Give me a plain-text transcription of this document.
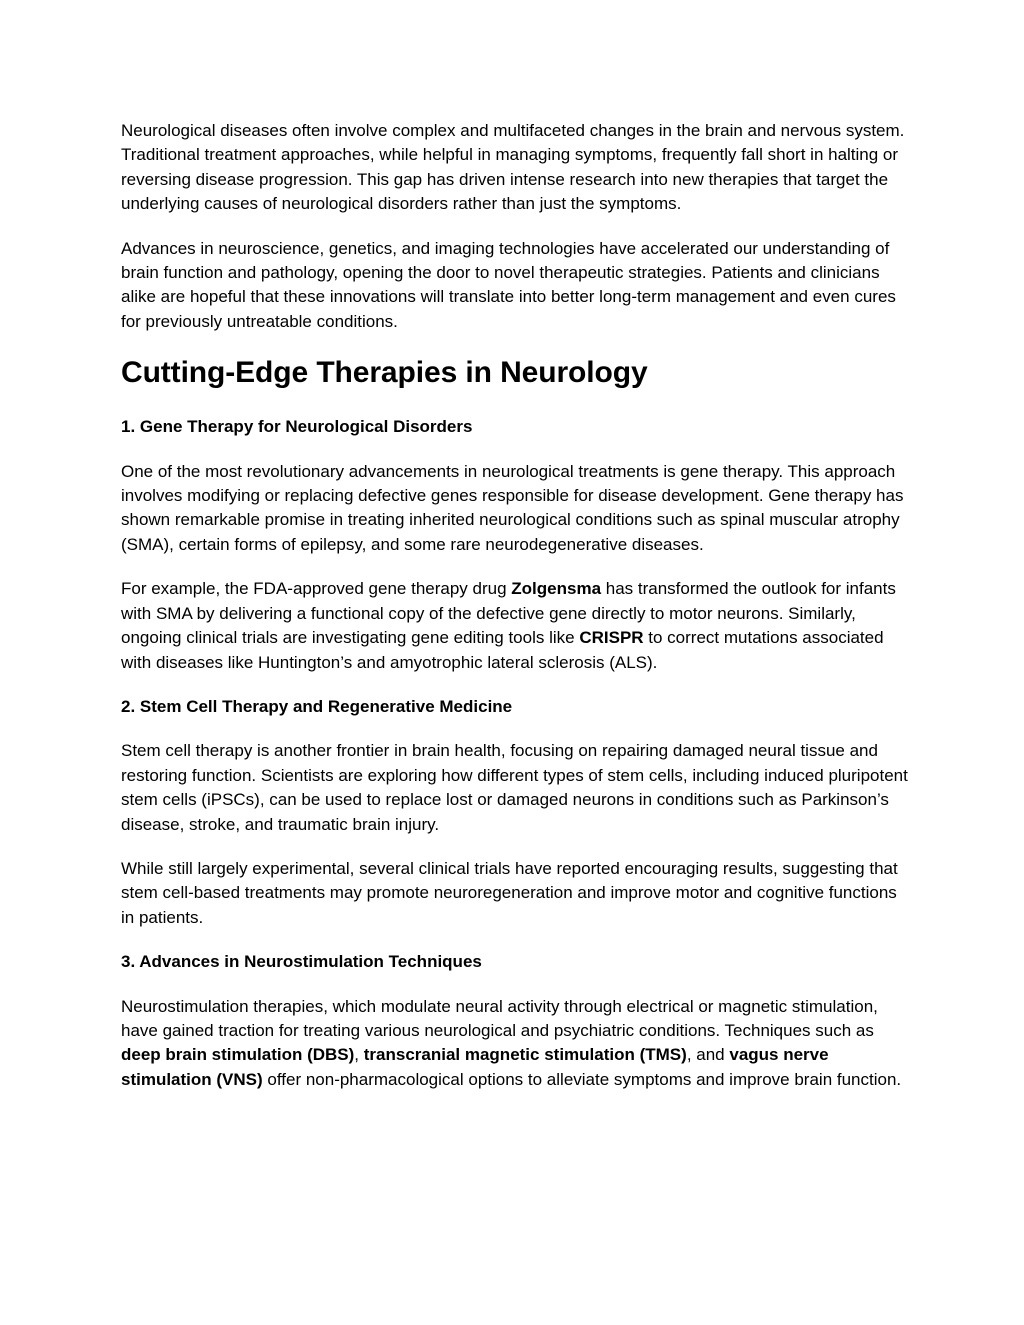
Neurological diseases often involve complex and multifaceted changes in the brain and nervous system. Traditional treatment approaches, while helpful in managing symptoms, frequently fall short in halting or reversing disease progression. This gap has driven intense research into new therapies that target the underlying causes of neurological disorders rather than just the symptoms.

Advances in neuroscience, genetics, and imaging technologies have accelerated our understanding of brain function and pathology, opening the door to novel therapeutic strategies. Patients and clinicians alike are hopeful that these innovations will translate into better long-term management and even cures for previously untreatable conditions.

Cutting-Edge Therapies in Neurology
1. Gene Therapy for Neurological Disorders

One of the most revolutionary advancements in neurological treatments is gene therapy. This approach involves modifying or replacing defective genes responsible for disease development. Gene therapy has shown remarkable promise in treating inherited neurological conditions such as spinal muscular atrophy (SMA), certain forms of epilepsy, and some rare neurodegenerative diseases.

For example, the FDA-approved gene therapy drug Zolgensma has transformed the outlook for infants with SMA by delivering a functional copy of the defective gene directly to motor neurons. Similarly, ongoing clinical trials are investigating gene editing tools like CRISPR to correct mutations associated with diseases like Huntington’s and amyotrophic lateral sclerosis (ALS).

2. Stem Cell Therapy and Regenerative Medicine

Stem cell therapy is another frontier in brain health, focusing on repairing damaged neural tissue and restoring function. Scientists are exploring how different types of stem cells, including induced pluripotent stem cells (iPSCs), can be used to replace lost or damaged neurons in conditions such as Parkinson’s disease, stroke, and traumatic brain injury.

While still largely experimental, several clinical trials have reported encouraging results, suggesting that stem cell-based treatments may promote neuroregeneration and improve motor and cognitive functions in patients.

3. Advances in Neurostimulation Techniques

Neurostimulation therapies, which modulate neural activity through electrical or magnetic stimulation, have gained traction for treating various neurological and psychiatric conditions. Techniques such as deep brain stimulation (DBS), transcranial magnetic stimulation (TMS), and vagus nerve stimulation (VNS) offer non-pharmacological options to alleviate symptoms and improve brain function.
